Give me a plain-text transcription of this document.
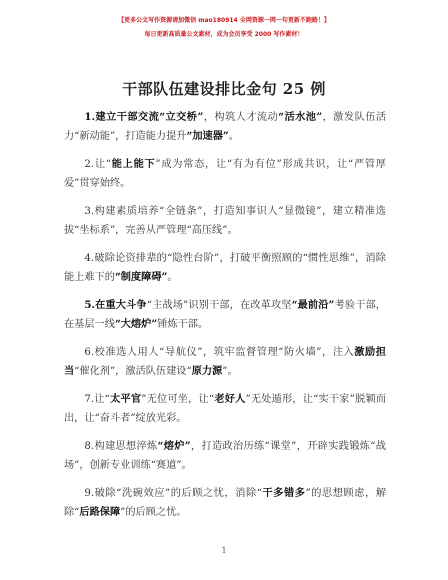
【更多公文写作资源请加微信 mao180914 全网资源一网一句更新不跑路！】
每日更新高质量公文素材，成为会员享受 2000 写作素材！
干部队伍建设排比金句 25 例

1.建立干部交流“立交桥”，构筑人才流动“活水池”，激发队伍活力“新动能”，打造能力提升“加速器”。

2.让“能上能下”成为常态，让“有为有位”形成共识，让“严管厚爱”贯穿始终。

3.构建素质培养“全链条”，打造知事识人“显微镜”，建立精准选拔“坐标系”，完善从严管理“高压线”。

4.破除论资排辈的“隐性台阶”，打破平衡照顾的“惯性思维”，消除能上难下的“制度障碍”。

5.在重大斗争“主战场”识别干部，在改革攻坚“最前沿”考验干部，在基层一线“大熔炉”锤炼干部。

6.校准选人用人“导航仪”，筑牢监督管理“防火墙”，注入激励担当“催化剂”，激活队伍建设“原力源”。

7.让“太平官”无位可坐，让“老好人”无处遁形，让“实干家”脱颖而出，让“奋斗者”绽放光彩。

8.构建思想淬炼“熔炉”，打造政治历练“课堂”，开辟实践锻炼“战场”，创新专业训练“赛道”。

9.破除“洗碗效应”的后顾之忧，消除“干多错多”的思想顾虑，解除“后路保障”的后顾之忧。

1
